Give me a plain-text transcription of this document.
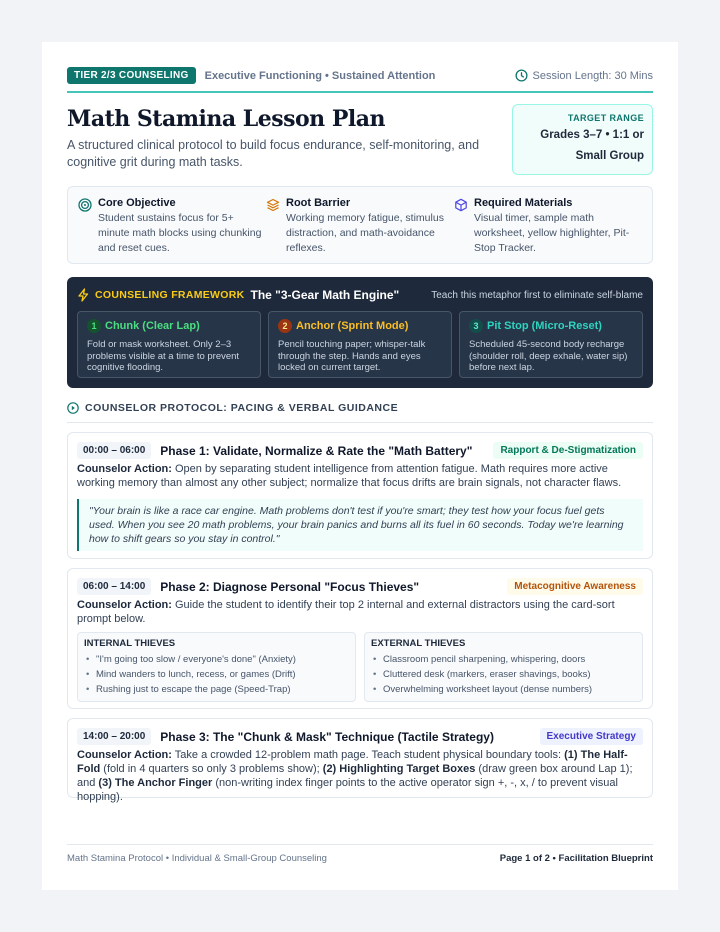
TIER 2/3 COUNSELING	Executive Functioning • Sustained Attention	Session Length: 30 Mins
Math Stamina Lesson Plan
A structured clinical protocol to build focus endurance, self-monitoring, and cognitive grit during math tasks.
TARGET RANGE
Grades 3–7 • 1:1 or Small Group
Core Objective
Student sustains focus for 5+ minute math blocks using chunking and reset cues.
Root Barrier
Working memory fatigue, stimulus distraction, and math-avoidance reflexes.
Required Materials
Visual timer, sample math worksheet, yellow highlighter, Pit-Stop Tracker.
COUNSELING FRAMEWORK The "3-Gear Math Engine"	Teach this metaphor first to eliminate self-blame
1 Chunk (Clear Lap)
Fold or mask worksheet. Only 2–3 problems visible at a time to prevent cognitive flooding.
2 Anchor (Sprint Mode)
Pencil touching paper; whisper-talk through the step. Hands and eyes locked on current target.
3 Pit Stop (Micro-Reset)
Scheduled 45-second body recharge (shoulder roll, deep exhale, water sip) before next lap.
COUNSELOR PROTOCOL: PACING & VERBAL GUIDANCE
00:00 – 06:00	Phase 1: Validate, Normalize & Rate the "Math Battery"	Rapport & De-Stigmatization
Counselor Action: Open by separating student intelligence from attention fatigue. Math requires more active working memory than almost any other subject; normalize that focus drifts are brain signals, not character flaws.
"Your brain is like a race car engine. Math problems don't test if you're smart; they test how your focus fuel gets used. When you see 20 math problems, your brain panics and burns all its fuel in 60 seconds. Today we're learning how to shift gears so you stay in control."
06:00 – 14:00	Phase 2: Diagnose Personal "Focus Thieves"	Metacognitive Awareness
Counselor Action: Guide the student to identify their top 2 internal and external distractors using the card-sort prompt below.
INTERNAL THIEVES
• "I'm going too slow / everyone's done" (Anxiety)
• Mind wanders to lunch, recess, or games (Drift)
• Rushing just to escape the page (Speed-Trap)
EXTERNAL THIEVES
• Classroom pencil sharpening, whispering, doors
• Cluttered desk (markers, eraser shavings, books)
• Overwhelming worksheet layout (dense numbers)
14:00 – 20:00	Phase 3: The "Chunk & Mask" Technique (Tactile Strategy)	Executive Strategy
Counselor Action: Take a crowded 12-problem math page. Teach student physical boundary tools: (1) The Half-Fold (fold in 4 quarters so only 3 problems show); (2) Highlighting Target Boxes (draw green box around Lap 1); and (3) The Anchor Finger (non-writing index finger points to the active operator sign +, -, x, / to prevent visual hopping).
Math Stamina Protocol • Individual & Small-Group Counseling	Page 1 of 2 • Facilitation Blueprint
